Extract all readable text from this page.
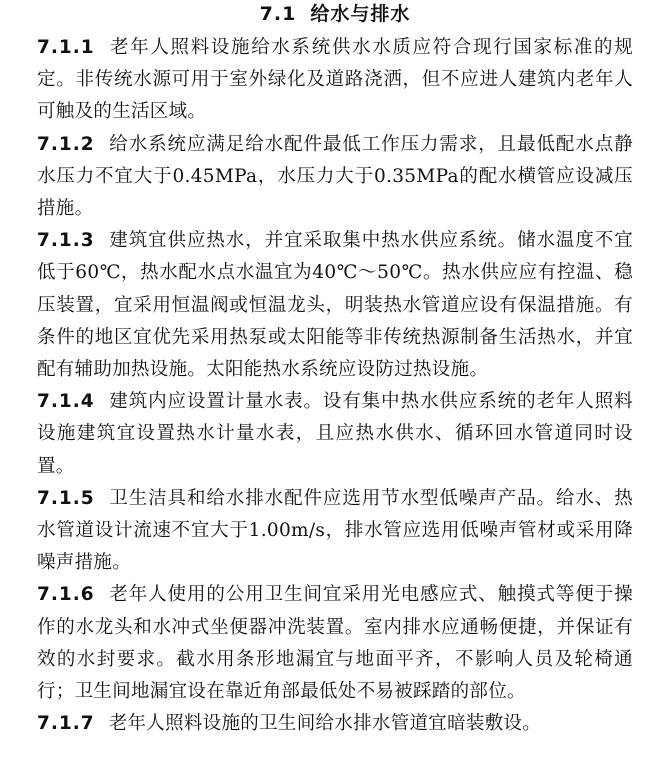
7.1 给水与排水

7.1.1 老年人照料设施给水系统供水水质应符合现行国家标准的规定。非传统水源可用于室外绿化及道路浇洒，但不应进人建筑内老年人可触及的生活区域。

7.1.2 给水系统应满足给水配件最低工作压力需求，且最低配水点静水压力不宜大于0.45MPa，水压力大于0.35MPa的配水横管应设减压措施。

7.1.3 建筑宜供应热水，并宜采取集中热水供应系统。储水温度不宜低于60℃，热水配水点水温宜为40℃～50℃。热水供应应有控温、稳压装置，宜采用恒温阀或恒温龙头，明装热水管道应设有保温措施。有条件的地区宜优先采用热泵或太阳能等非传统热源制备生活热水，并宜配有辅助加热设施。太阳能热水系统应设防过热设施。

7.1.4 建筑内应设置计量水表。设有集中热水供应系统的老年人照料设施建筑宜设置热水计量水表，且应热水供水、循环回水管道同时设置。

7.1.5 卫生洁具和给水排水配件应选用节水型低噪声产品。给水、热水管道设计流速不宜大于1.00m/s，排水管应选用低噪声管材或采用降噪声措施。

7.1.6 老年人使用的公用卫生间宜采用光电感应式、触摸式等便于操作的水龙头和水冲式坐便器冲洗装置。室内排水应通畅便捷，并保证有效的水封要求。截水用条形地漏宜与地面平齐，不影响人员及轮椅通行；卫生间地漏宜设在靠近角部最低处不易被踩踏的部位。

7.1.7 老年人照料设施的卫生间给水排水管道宜暗装敷设。
